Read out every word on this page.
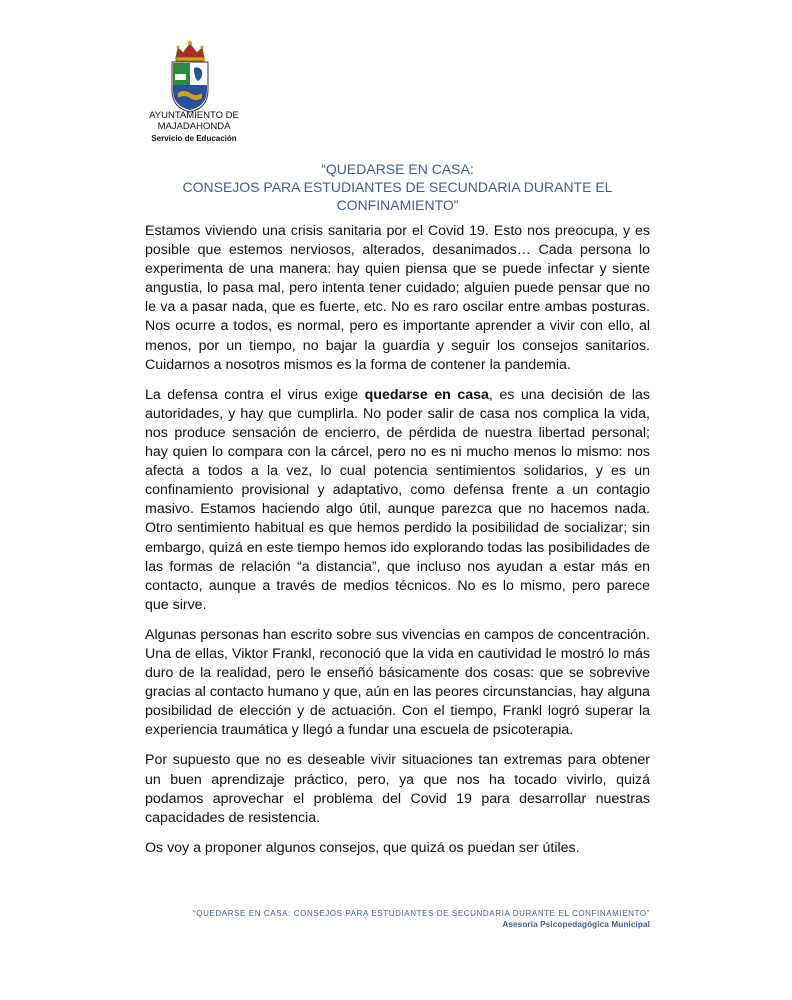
AYUNTAMIENTO DE
MAJADAHONDA
Servicio de Educación
“QUEDARSE EN CASA:
CONSEJOS PARA ESTUDIANTES DE SECUNDARIA DURANTE EL
CONFINAMIENTO”

Estamos viviendo una crisis sanitaria por el Covid 19. Esto nos preocupa, y es posible que estemos nerviosos, alterados, desanimados… Cada persona lo experimenta de una manera: hay quien piensa que se puede infectar y siente angustia, lo pasa mal, pero intenta tener cuidado; alguien puede pensar que no le va a pasar nada, que es fuerte, etc. No es raro oscilar entre ambas posturas. Nos ocurre a todos, es normal, pero es importante aprender a vivir con ello, al menos, por un tiempo, no bajar la guardia y seguir los consejos sanitarios. Cuidarnos a nosotros mismos es la forma de contener la pandemia.

La defensa contra el virus exige quedarse en casa, es una decisión de las autoridades, y hay que cumplirla. No poder salir de casa nos complica la vida, nos produce sensación de encierro, de pérdida de nuestra libertad personal; hay quien lo compara con la cárcel, pero no es ni mucho menos lo mismo: nos afecta a todos a la vez, lo cual potencia sentimientos solidarios, y es un confinamiento provisional y adaptativo, como defensa frente a un contagio masivo. Estamos haciendo algo útil, aunque parezca que no hacemos nada. Otro sentimiento habitual es que hemos perdido la posibilidad de socializar; sin embargo, quizá en este tiempo hemos ido explorando todas las posibilidades de las formas de relación “a distancia”, que incluso nos ayudan a estar más en contacto, aunque a través de medios técnicos. No es lo mismo, pero parece que sirve.

Algunas personas han escrito sobre sus vivencias en campos de concentración. Una de ellas, Viktor Frankl, reconoció que la vida en cautividad le mostró lo más duro de la realidad, pero le enseñó básicamente dos cosas: que se sobrevive gracias al contacto humano y que, aún en las peores circunstancias, hay alguna posibilidad de elección y de actuación. Con el tiempo, Frankl logró superar la experiencia traumática y llegó a fundar una escuela de psicoterapia.

Por supuesto que no es deseable vivir situaciones tan extremas para obtener un buen aprendizaje práctico, pero, ya que nos ha tocado vivirlo, quizá podamos aprovechar el problema del Covid 19 para desarrollar nuestras capacidades de resistencia.

Os voy a proponer algunos consejos, que quizá os puedan ser útiles.

“QUEDARSE EN CASA: CONSEJOS PARA ESTUDIANTES DE SECUNDARIA DURANTE EL CONFINAMIENTO”
Asesoría Psicopedagógica Municipal
